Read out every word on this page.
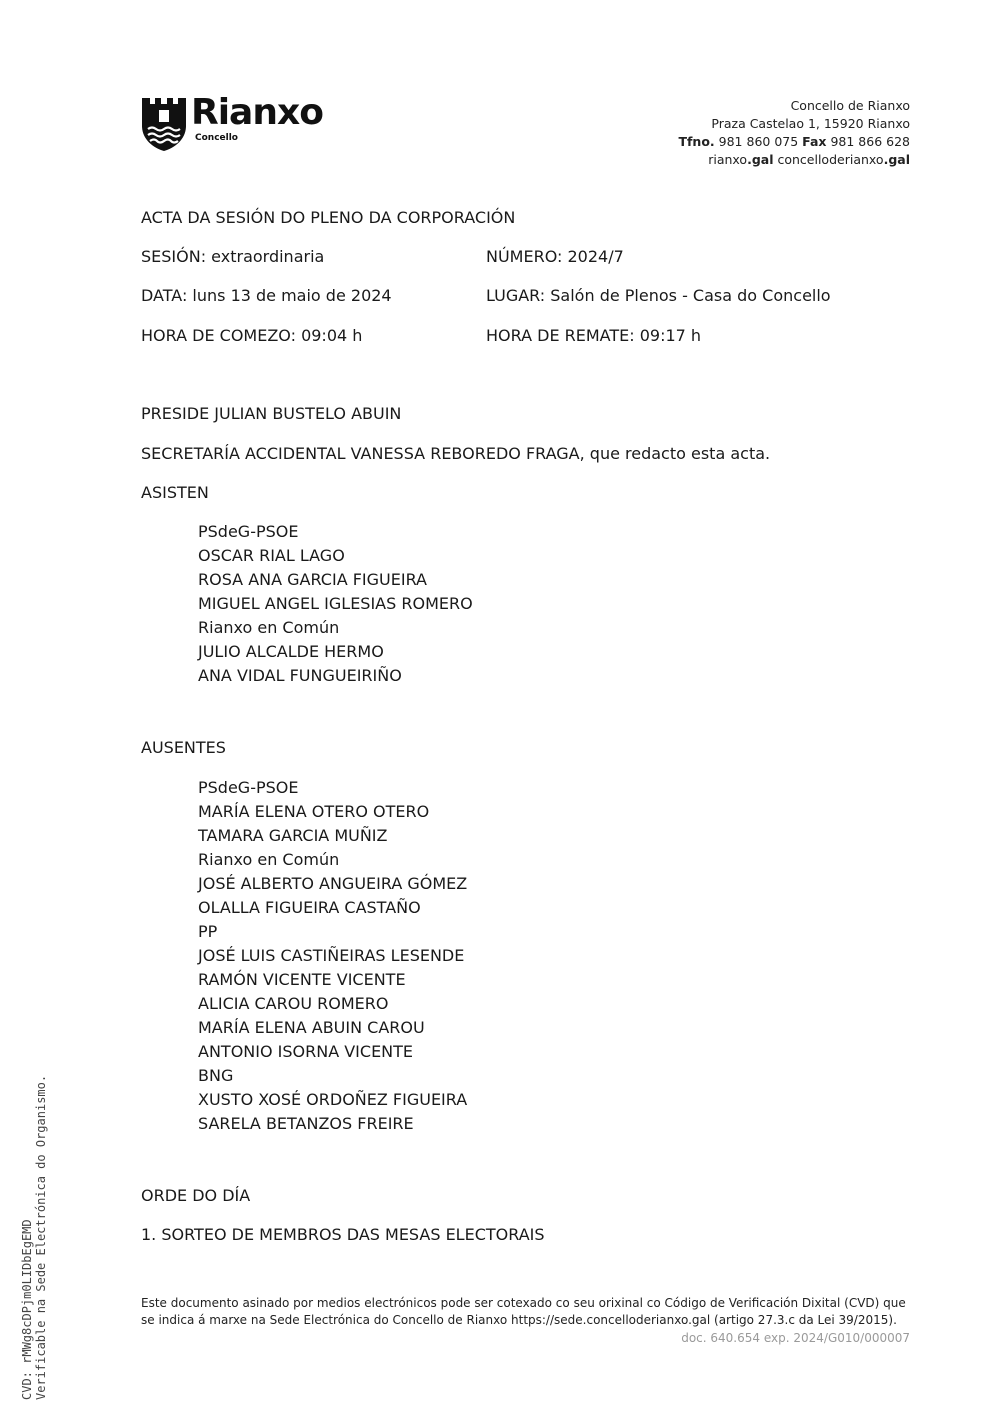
Rianxo
Concello
Concello de Rianxo
Praza Castelao 1, 15920 Rianxo
Tfno. 981 860 075 Fax 981 866 628
rianxo.gal concelloderianxo.gal
ACTA DA SESIÓN DO PLENO DA CORPORACIÓN
SESIÓN: extraordinaria	NÚMERO: 2024/7
DATA: luns 13 de maio de 2024	LUGAR: Salón de Plenos - Casa do Concello
HORA DE COMEZO: 09:04 h	HORA DE REMATE: 09:17 h
PRESIDE JULIAN BUSTELO ABUIN
SECRETARÍA ACCIDENTAL VANESSA REBOREDO FRAGA, que redacto esta acta.
ASISTEN
PSdeG-PSOE
OSCAR RIAL LAGO
ROSA ANA GARCIA FIGUEIRA
MIGUEL ANGEL IGLESIAS ROMERO
Rianxo en Común
JULIO ALCALDE HERMO
ANA VIDAL FUNGUEIRIÑO
AUSENTES
PSdeG-PSOE
MARÍA ELENA OTERO OTERO
TAMARA GARCIA MUÑIZ
Rianxo en Común
JOSÉ ALBERTO ANGUEIRA GÓMEZ
OLALLA FIGUEIRA CASTAÑO
PP
JOSÉ LUIS CASTIÑEIRAS LESENDE
RAMÓN VICENTE VICENTE
ALICIA CAROU ROMERO
MARÍA ELENA ABUIN CAROU
ANTONIO ISORNA VICENTE
BNG
XUSTO XOSÉ ORDOÑEZ FIGUEIRA
SARELA BETANZOS FREIRE
ORDE DO DÍA
1. SORTEO DE MEMBROS DAS MESAS ELECTORAIS
Este documento asinado por medios electrónicos pode ser cotexado co seu orixinal co Código de Verificación Dixital (CVD) que se indica á marxe na Sede Electrónica do Concello de Rianxo https://sede.concelloderianxo.gal (artigo 27.3.c da Lei 39/2015).
doc. 640.654 exp. 2024/G010/000007
CVD: rMWg8cDPjm0LIDbEgEMD Verificable na Sede Electrónica do Organismo.
